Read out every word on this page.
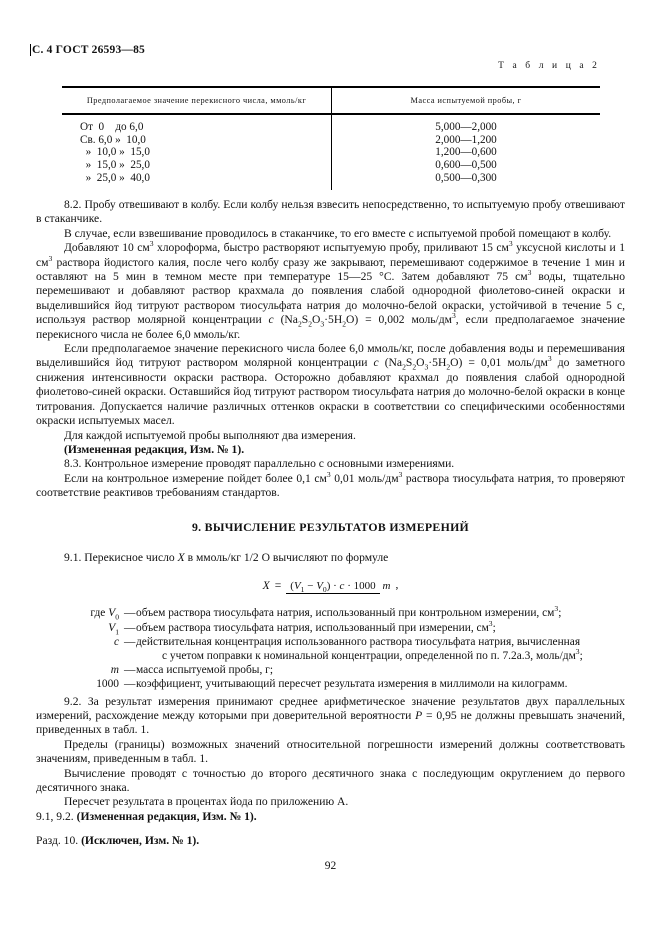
С. 4 ГОСТ 26593—85
Т а б л и ц а 2
Предполагаемое значение перекисного числа, ммоль/кг	Масса испытуемой пробы, г
От  0    до 6,0
Св. 6,0 »  10,0
»  10,0 »  15,0
»  15,0 »  25,0
»  25,0 »  40,0
5,000—2,000
2,000—1,200
1,200—0,600
0,600—0,500
0,500—0,300

8.2. Пробу отвешивают в колбу. Если колбу нельзя взвесить непосредственно, то испытуемую пробу отвешивают в стаканчике.

В случае, если взвешивание проводилось в стаканчике, то его вместе с испытуемой пробой помещают в колбу.

Добавляют 10 $см^3$ хлороформа, быстро растворяют испытуемую пробу, приливают 15 $см^3$ уксусной кислоты и 1 $см^3$ раствора йодистого калия, после чего колбу сразу же закрывают, перемешивают содержимое в течение 1 мин и оставляют на 5 мин в темном месте при температуре 15—25 °С. Затем добавляют 75 $см^3$ воды, тщательно перемешивают и добавляют раствор крахмала до появления слабой однородной фиолетово-синей окраски и выделившийся йод титруют раствором тиосульфата натрия до молочно-белой окраски, устойчивой в течение 5 с, используя раствор молярной концентрации c $(Na_2S_2O_3\cdot 5H_2O) = 0,002$ моль/$дм^3$, если предполагаемое значение перекисного числа не более 6,0 ммоль/кг.

Если предполагаемое значение перекисного числа более 6,0 ммоль/кг, после добавления воды и перемешивания выделившийся йод титруют раствором молярной концентрации c $(Na_2S_2O_3\cdot 5H_2O) = 0,01$ моль/$дм^3$ до заметного снижения интенсивности окраски раствора. Осторожно добавляют крахмал до появления слабой однородной фиолетово-синей окраски. Оставшийся йод титруют раствором тиосульфата натрия до молочно-белой окраски в конце титрования. Допускается наличие различных оттенков окраски в соответствии со специфическими особенностями окраски испытуемых масел.

Для каждой испытуемой пробы выполняют два измерения.

(Измененная редакция, Изм. № 1).

8.3. Контрольное измерение проводят параллельно с основными измерениями.

Если на контрольное измерение пойдет более 0,1 $см^3$ 0,01 моль/$дм^3$ раствора тиосульфата натрия, то проверяют соответствие реактивов требованиям стандартов.

9. ВЫЧИСЛЕНИЕ РЕЗУЛЬТАТОВ ИЗМЕРЕНИЙ

9.1. Перекисное число X в ммоль/кг 1/2 О вычисляют по формуле

$X = (V_1 - V_0) \cdot c \cdot 1000$ m ,
где $V_0$ — объем раствора тиосульфата натрия, использованный при контрольном измерении, $см^3$;
$V_1$ — объем раствора тиосульфата натрия, использованный при измерении, $см^3$;
c — действительная концентрация использованного раствора тиосульфата натрия, вычисленная
с учетом поправки к номинальной концентрации, определенной по п. 7.2а.3, моль/$дм^3$;
m — масса испытуемой пробы, г;
1000 — коэффициент, учитывающий пересчет результата измерения в миллимоли на килограмм.

9.2. За результат измерения принимают среднее арифметическое значение результатов двух параллельных измерений, расхождение между которыми при доверительной вероятности P = 0,95 не должны превышать значений, приведенных в табл. 1.

Пределы (границы) возможных значений относительной погрешности измерений должны соответствовать значениям, приведенным в табл. 1.

Вычисление проводят с точностью до второго десятичного знака с последующим округлением до первого десятичного знака.

Пересчет результата в процентах йода по приложению А.

9.1, 9.2. (Измененная редакция, Изм. № 1).

Разд. 10. (Исключен, Изм. № 1).

92
